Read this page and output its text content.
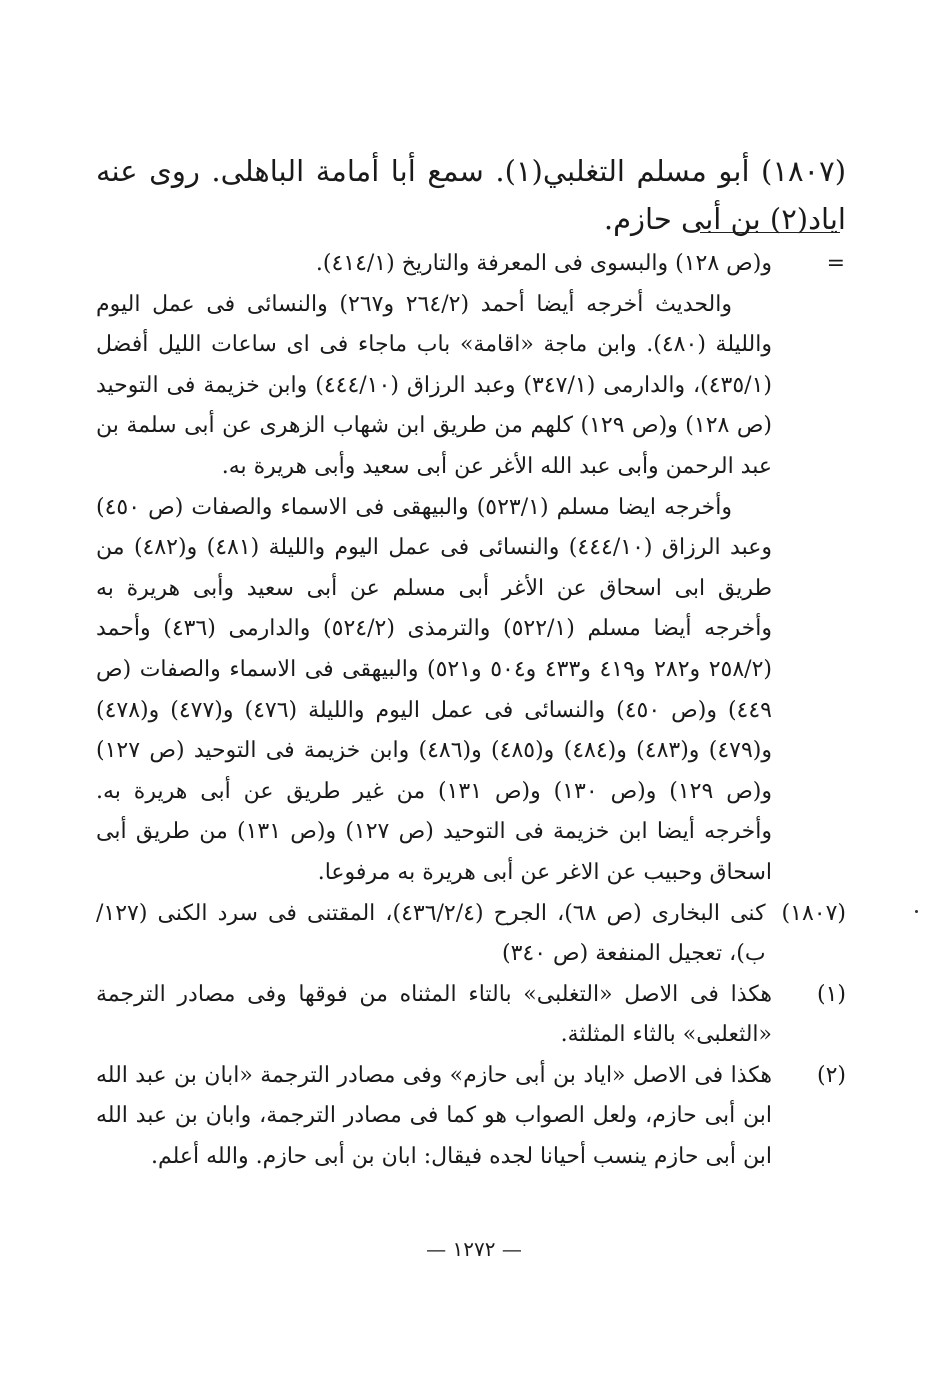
(١٨٠٧) أبو مسلم التغلبي(١). سمع أبا أمامة الباهلى. روى عنه اياد(٢) بن أبى حازم.

=
و(ص ١٢٨) والبسوى فى المعرفة والتاريخ (٤١٤/١).
والحديث أخرجه أيضا أحمد (٢٦٤/٢ و٢٦٧) والنسائى فى عمل اليوم والليلة (٤٨٠). وابن ماجة «اقامة» باب ماجاء فى اى ساعات الليل أفضل (٤٣٥/١)، والدارمى (٣٤٧/١) وعبد الرزاق (٤٤٤/١٠) وابن خزيمة فى التوحيد (ص ١٢٨) و(ص ١٢٩) كلهم من طريق ابن شهاب الزهرى عن أبى سلمة بن عبد الرحمن وأبى عبد الله الأغر عن أبى سعيد وأبى هريرة به.
وأخرجه ايضا مسلم (٥٢٣/١) والبيهقى فى الاسماء والصفات (ص ٤٥٠) وعبد الرزاق (٤٤٤/١٠) والنسائى فى عمل اليوم والليلة (٤٨١) و(٤٨٢) من طريق ابى اسحاق عن الأغر أبى مسلم عن أبى سعيد وأبى هريرة به وأخرجه أيضا مسلم (٥٢٢/١) والترمذى (٥٢٤/٢) والدارمى (٤٣٦) وأحمد (٢٥٨/٢ و٢٨٢ و٤١٩ و٤٣٣ و٥٠٤ و٥٢١) والبيهقى فى الاسماء والصفات (ص ٤٤٩) و(ص ٤٥٠) والنسائى فى عمل اليوم والليلة (٤٧٦) و(٤٧٧) و(٤٧٨) و(٤٧٩) و(٤٨٣) و(٤٨٤) و(٤٨٥) و(٤٨٦) وابن خزيمة فى التوحيد (ص ١٢٧) و(ص ١٢٩) و(ص ١٣٠) و(ص ١٣١) من غير طريق عن أبى هريرة به. وأخرجه أيضا ابن خزيمة فى التوحيد (ص ١٢٧) و(ص ١٣١) من طريق أبى اسحاق وحبيب عن الاغر عن أبى هريرة به مرفوعا.
(١٨٠٧)
كنى البخارى (ص ٦٨)، الجرح (٤٣٦/٢/٤)، المقتنى فى سرد الكنى (١٢٧/ب)، تعجيل المنفعة (ص ٣٤٠)
(١)
هكذا فى الاصل «التغلبى» بالتاء المثناه من فوقها وفى مصادر الترجمة «الثعلبى» بالثاء المثلثة.
(٢)
هكذا فى الاصل «اياد بن أبى حازم» وفى مصادر الترجمة «ابان بن عبد الله ابن أبى حازم، ولعل الصواب هو كما فى مصادر الترجمة، وابان بن عبد الله ابن أبى حازم ينسب أحيانا لجده فيقال: ابان بن أبى حازم. والله أعلم.
— ١٢٧٢ —
